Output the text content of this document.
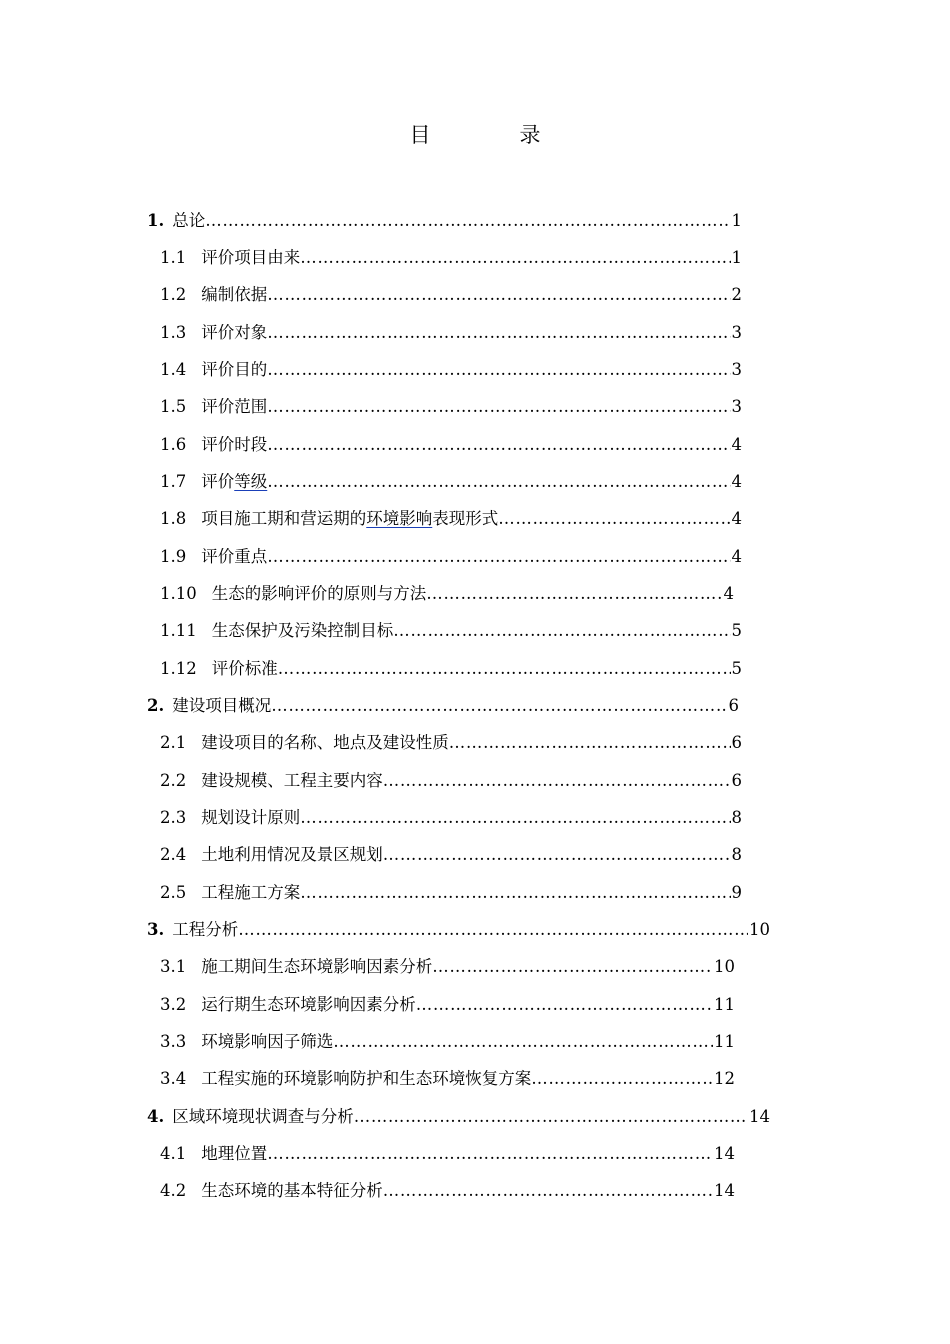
目　录
1. 总论 ……………………………………………………………………………………………………………………………………………………………………………………………………	1
1.1 评价项目由来 ……………………………………………………………………………………………………………………………………………………………………………………………………	1
1.2 编制依据 ……………………………………………………………………………………………………………………………………………………………………………………………………	2
1.3 评价对象 ……………………………………………………………………………………………………………………………………………………………………………………………………	3
1.4 评价目的 ……………………………………………………………………………………………………………………………………………………………………………………………………	3
1.5 评价范围 ……………………………………………………………………………………………………………………………………………………………………………………………………	3
1.6 评价时段 ……………………………………………………………………………………………………………………………………………………………………………………………………	4
1.7 评价等级 ……………………………………………………………………………………………………………………………………………………………………………………………………	4
1.8 项目施工期和营运期的环境影响表现形式 ……………………………………………………………………………………………………………………………………………………………………………………………………	4
1.9 评价重点 ……………………………………………………………………………………………………………………………………………………………………………………………………	4
1.10 生态的影响评价的原则与方法 ……………………………………………………………………………………………………………………………………………………………………………………………………	4
1.11 生态保护及污染控制目标 ……………………………………………………………………………………………………………………………………………………………………………………………………	5
1.12 评价标准 ……………………………………………………………………………………………………………………………………………………………………………………………………	5
2. 建设项目概况 ……………………………………………………………………………………………………………………………………………………………………………………………………	6
2.1 建设项目的名称、地点及建设性质 ……………………………………………………………………………………………………………………………………………………………………………………………………	6
2.2 建设规模、工程主要内容 ……………………………………………………………………………………………………………………………………………………………………………………………………	6
2.3 规划设计原则 ……………………………………………………………………………………………………………………………………………………………………………………………………	8
2.4 土地利用情况及景区规划 ……………………………………………………………………………………………………………………………………………………………………………………………………	8
2.5 工程施工方案 ……………………………………………………………………………………………………………………………………………………………………………………………………	9
3. 工程分析 ……………………………………………………………………………………………………………………………………………………………………………………………………	10
3.1 施工期间生态环境影响因素分析 ……………………………………………………………………………………………………………………………………………………………………………………………………	10
3.2 运行期生态环境影响因素分析 ……………………………………………………………………………………………………………………………………………………………………………………………………	11
3.3 环境影响因子筛选 ……………………………………………………………………………………………………………………………………………………………………………………………………	11
3.4 工程实施的环境影响防护和生态环境恢复方案 ……………………………………………………………………………………………………………………………………………………………………………………………………	12
4. 区域环境现状调查与分析 ……………………………………………………………………………………………………………………………………………………………………………………………………	14
4.1 地理位置 ……………………………………………………………………………………………………………………………………………………………………………………………………	14
4.2 生态环境的基本特征分析 ……………………………………………………………………………………………………………………………………………………………………………………………………	14
